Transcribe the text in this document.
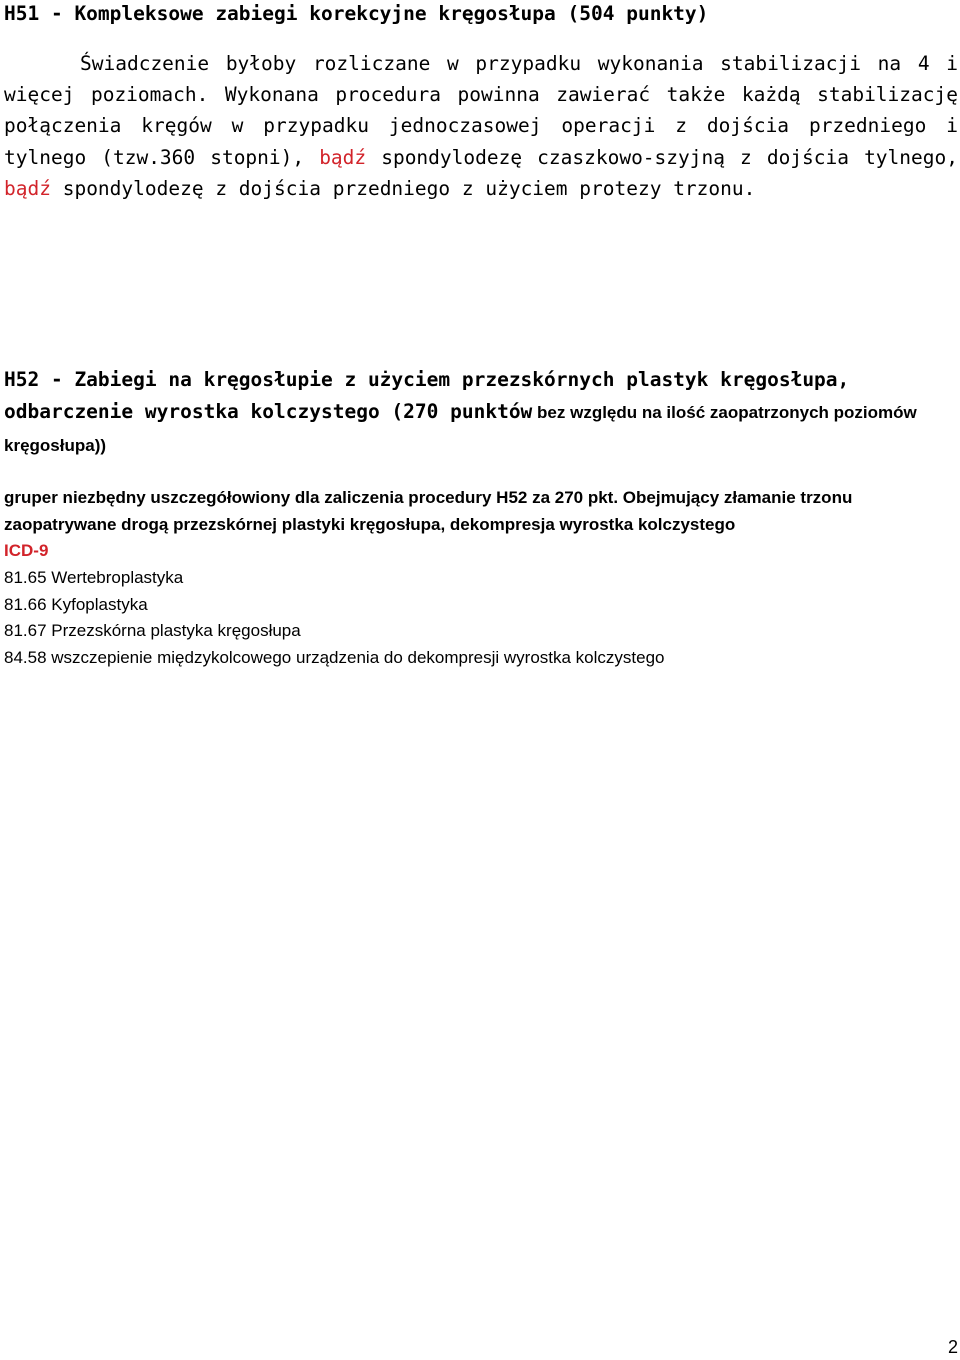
H51 - Kompleksowe zabiegi korekcyjne kręgosłupa (504 punkty)

Świadczenie byłoby rozliczane w przypadku wykonania stabilizacji na 4 i więcej poziomach. Wykonana procedura powinna zawierać także każdą stabilizację połączenia kręgów w przypadku jednoczasowej operacji z dojścia przedniego i tylnego (tzw.360 stopni), bądź spondylodezę czaszkowo-szyjną z dojścia tylnego, bądź spondylodezę z dojścia przedniego z użyciem protezy trzonu.

H52 - Zabiegi na kręgosłupie z użyciem przezskórnych plastyk kręgosłupa, odbarczenie wyrostka kolczystego (270 punktów bez względu na ilość zaopatrzonych poziomów kręgosłupa))

gruper niezbędny uszczegółowiony dla zaliczenia procedury H52 za 270 pkt. Obejmujący złamanie trzonu zaopatrywane drogą przezskórnej plastyki kręgosłupa, dekompresja wyrostka kolczystego

ICD-9
81.65 Wertebroplastyka
81.66 Kyfoplastyka
81.67 Przezskórna plastyka kręgosłupa
84.58 wszczepienie międzykolcowego urządzenia do dekompresji wyrostka kolczystego
2
